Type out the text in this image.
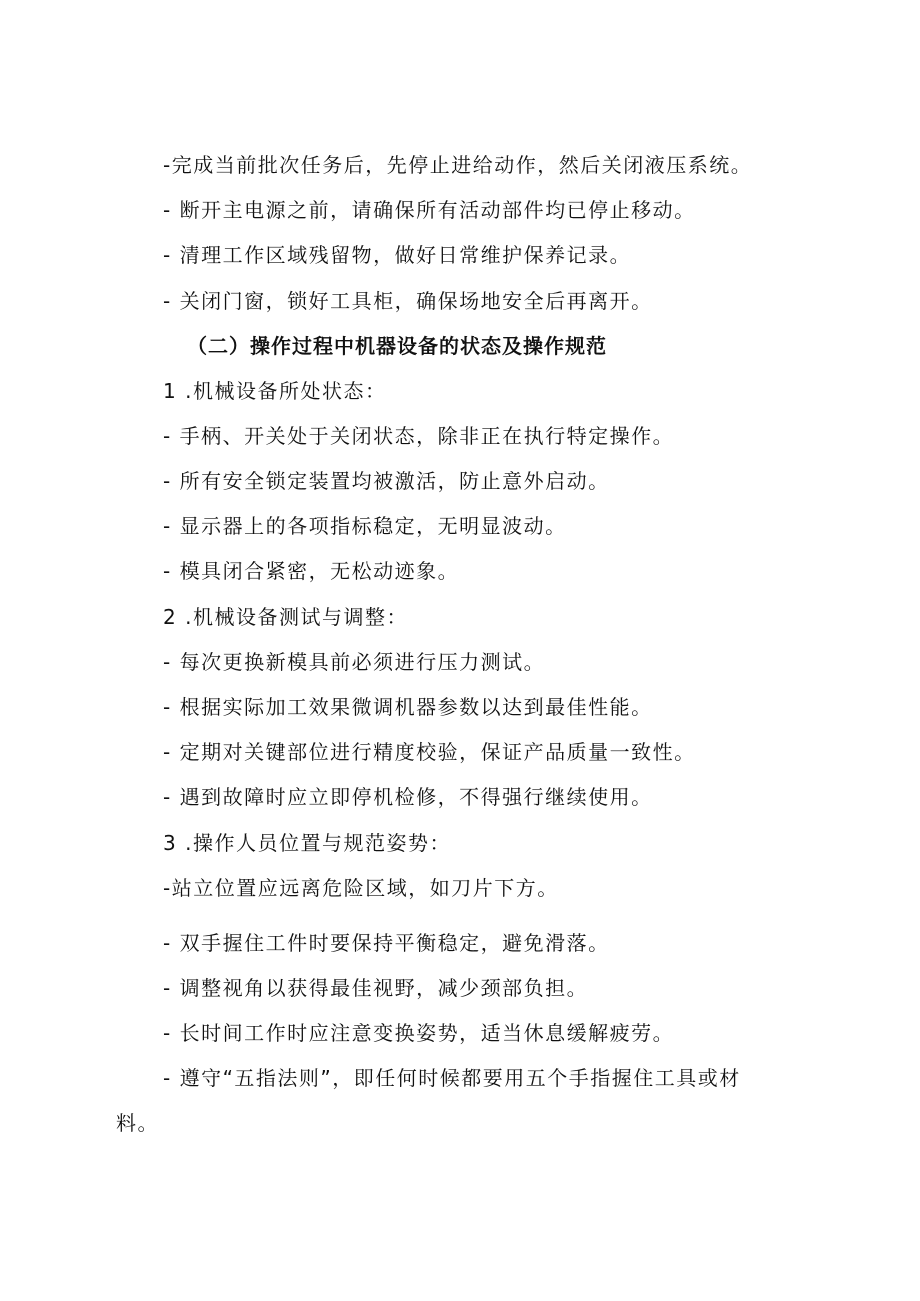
-完成当前批次任务后，先停止进给动作，然后关闭液压系统。
- 断开主电源之前，请确保所有活动部件均已停止移动。
- 清理工作区域残留物，做好日常维护保养记录。
- 关闭门窗，锁好工具柜，确保场地安全后再离开。
（二）操作过程中机器设备的状态及操作规范
1 .机械设备所处状态：
- 手柄、开关处于关闭状态，除非正在执行特定操作。
- 所有安全锁定装置均被激活，防止意外启动。
- 显示器上的各项指标稳定，无明显波动。
- 模具闭合紧密，无松动迹象。
2 .机械设备测试与调整：
- 每次更换新模具前必须进行压力测试。
- 根据实际加工效果微调机器参数以达到最佳性能。
- 定期对关键部位进行精度校验，保证产品质量一致性。
- 遇到故障时应立即停机检修，不得强行继续使用。
3 .操作人员位置与规范姿势：
-站立位置应远离危险区域，如刀片下方。
- 双手握住工件时要保持平衡稳定，避免滑落。
- 调整视角以获得最佳视野，减少颈部负担。
- 长时间工作时应注意变换姿势，适当休息缓解疲劳。
- 遵守“五指法则”，即任何时候都要用五个手指握住工具或材
料。
